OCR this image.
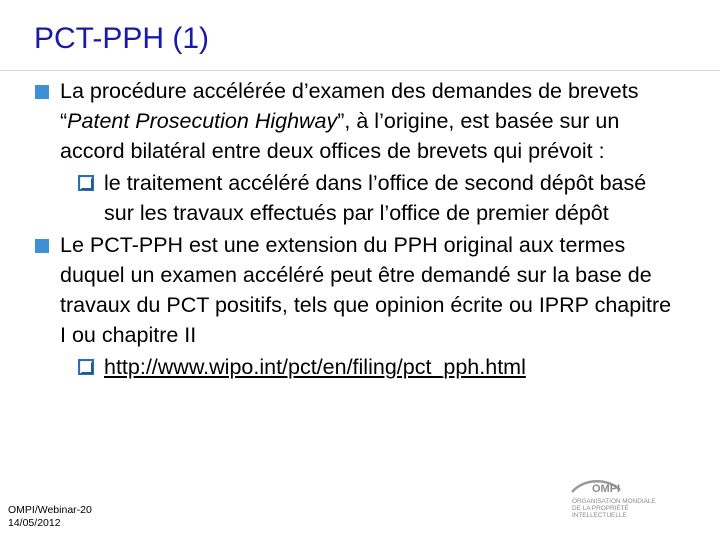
PCT-PPH (1)
La procédure accélérée d’examen des demandes de brevets “Patent Prosecution Highway”, à l’origine, est basée sur un accord bilatéral entre deux offices de brevets qui prévoit :
le traitement accéléré dans l’office de second dépôt basé sur les travaux effectués par l’office de premier dépôt
Le PCT-PPH est une extension du PPH original aux termes duquel un examen accéléré peut être demandé sur la base de travaux du PCT positifs, tels que opinion écrite ou IPRP chapitre I ou chapitre II
http://www.wipo.int/pct/en/filing/pct_pph.html
OMPI
ORGANISATION MONDIALE
DE LA PROPRIÉTÉ
INTELLECTUELLE
OMPI/Webinar-20
14/05/2012
